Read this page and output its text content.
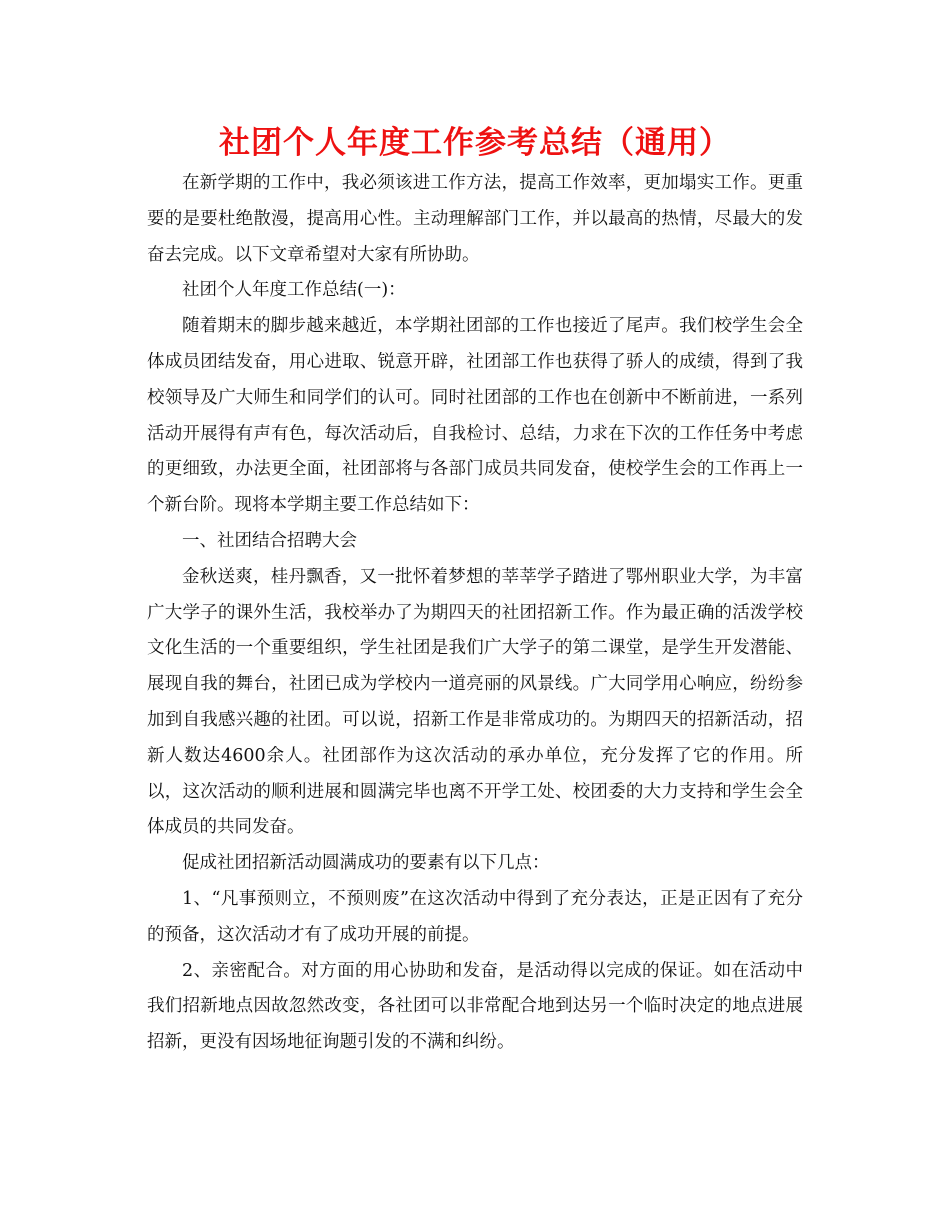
社团个人年度工作参考总结（通用）

在新学期的工作中，我必须该进工作方法，提高工作效率，更加塌实工作。更重要的是要杜绝散漫，提高用心性。主动理解部门工作，并以最高的热情，尽最大的发奋去完成。以下文章希望对大家有所协助。

社团个人年度工作总结(一)：

随着期末的脚步越来越近，本学期社团部的工作也接近了尾声。我们校学生会全体成员团结发奋，用心进取、锐意开辟，社团部工作也获得了骄人的成绩，得到了我校领导及广大师生和同学们的认可。同时社团部的工作也在创新中不断前进，一系列活动开展得有声有色，每次活动后，自我检讨、总结，力求在下次的工作任务中考虑的更细致，办法更全面，社团部将与各部门成员共同发奋，使校学生会的工作再上一个新台阶。现将本学期主要工作总结如下：

一、社团结合招聘大会

金秋送爽，桂丹飘香，又一批怀着梦想的莘莘学子踏进了鄂州职业大学，为丰富广大学子的课外生活，我校举办了为期四天的社团招新工作。作为最正确的活泼学校文化生活的一个重要组织，学生社团是我们广大学子的第二课堂，是学生开发潜能、展现自我的舞台，社团已成为学校内一道亮丽的风景线。广大同学用心响应，纷纷参加到自我感兴趣的社团。可以说，招新工作是非常成功的。为期四天的招新活动，招新人数达4600余人。社团部作为这次活动的承办单位，充分发挥了它的作用。所以，这次活动的顺利进展和圆满完毕也离不开学工处、校团委的大力支持和学生会全体成员的共同发奋。

促成社团招新活动圆满成功的要素有以下几点：

1、“凡事预则立，不预则废”在这次活动中得到了充分表达，正是正因有了充分的预备，这次活动才有了成功开展的前提。

2、亲密配合。对方面的用心协助和发奋，是活动得以完成的保证。如在活动中我们招新地点因故忽然改变，各社团可以非常配合地到达另一个临时决定的地点进展招新，更没有因场地征询题引发的不满和纠纷。
